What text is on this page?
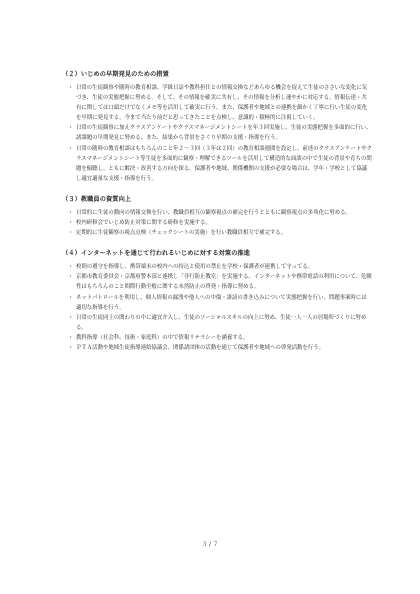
（２）いじめの早期発見のための措置
・ 日常の生徒観察や随時の教育相談、学級日誌や教科担任との情報交換などあらゆる機会を捉えて生徒のささいな変化に気づき、生徒の実態把握に努める。そして、その情報を確実に共有し、その情報を分析し速やかに対応する。情報伝達・共有に関しては口頭だけでなくメモ等を活用して確実に行う。また、保護者や地域との連携を細かく丁寧に行い生徒の変化を早期に発見する。今まで当たり前だと思ってきたことを点検し、意識的・積極的に注視していく。
・ 日常の生徒観察に加えクラスアンケートやクラスマネージメントシートを年３回実施し、生徒の実態把握を多面的に行い、諸課題の早期発見に努める。また、結果から背景をさぐり早期の支援・指導を行う。
・ 日常の随時の教育相談はもちろんのこと年２～３回（３年は２回）の教育相談週間を設定し、前述のクラスアンケートやクラスマネージメントシート等生徒を多面的に観察・理解できるツールを活用して構造的な面談の中で生徒の背景や育ちの問題を傾聴し、ともに解決・改善する方向を探る。保護者や地域、関係機関の支援が必要な場合は、学年・学校として協議し適宜適量な支援・指導を行う。
（３）教職員の資質向上
・ 日常的に生徒の動向の情報交換を行い、教職員相互の観察視点の補完を行うとともに観察視点の多角化に努める。
・ 校内研修会でいじめ防止対策に関する研修を実施する。
・ 定期的に生徒観察の視点点検（チェックシートの実施）を行い教職員相互で補完する。
（４）インターネットを通じて行われるいじめに対する対策の推進
・ 校則の遵守を指導し、携帯端末の校内への持込と使用の禁止を学校・保護者が連携して守ってる。
・ 京都市教育委員会・京都府警本部と連携し「非行防止教室」を実施する。インターネットや携帯電話の利用について、危険性はもちろんのこと間際行動全般に関する未然防止の啓発・指導に努める。
・ ネットパトロールを利用し、個人情報の漏洩や他人への中傷・誹謗の書き込みについて実態把握を行い、問題事案時には適切な指導を行う。
・ 日常の生徒同士の関わりの中に適宜介入し、生徒のソーシャルスキルの向上に努め、生徒一人一人の居場所づくりに努める。
・ 教科指導（社会科、技術・家庭科）の中で情報リテラシーを涵養する。
・ ＰＴＡ活動や地域生徒指導連絡協議会、関係諸団体の活動を通じて保護者や地域への啓発活動を行う。
３ / ７
